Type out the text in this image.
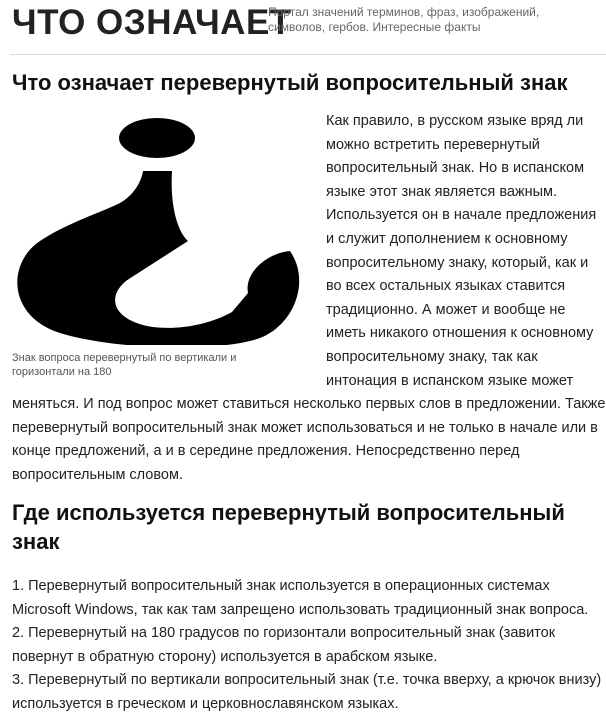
ЧТО ОЗНАЧАЕТ
Портал значений терминов, фраз, изображений, символов, гербов. Интересные факты
Что означает перевернутый вопросительный знак

Как правило, в русском языке вряд ли можно встретить перевернутый вопросительный знак. Но в испанском языке этот знак является важным. Используется он в начале предложения и служит дополнением к основному вопросительному знаку, который, как и во всех остальных языках ставится традиционно. А может и вообще не иметь никакого отношения к основному вопросительному знаку, так как интонация в испанском языке может меняться. И под вопрос может ставиться несколько первых слов в предложении. Также перевернутый вопросительный знак может использоваться и не только в начале или в конце предложений, а и в середине предложения. Непосредственно перед вопросительным словом.

Знак вопроса перевернутый по вертикали и горизонтали на 180
Где используется перевернутый вопросительный знак
1. Перевернутый вопросительный знак используется в операционных системах Microsoft Windows, так как там запрещено использовать традиционный знак вопроса.
2. Перевернутый на 180 градусов по горизонтали вопросительный знак (завиток повернут в обратную сторону) используется в арабском языке.
3. Перевернутый по вертикали вопросительный знак (т.е. точка вверху, а крючок внизу) используется в греческом и церковнославянском языках.
